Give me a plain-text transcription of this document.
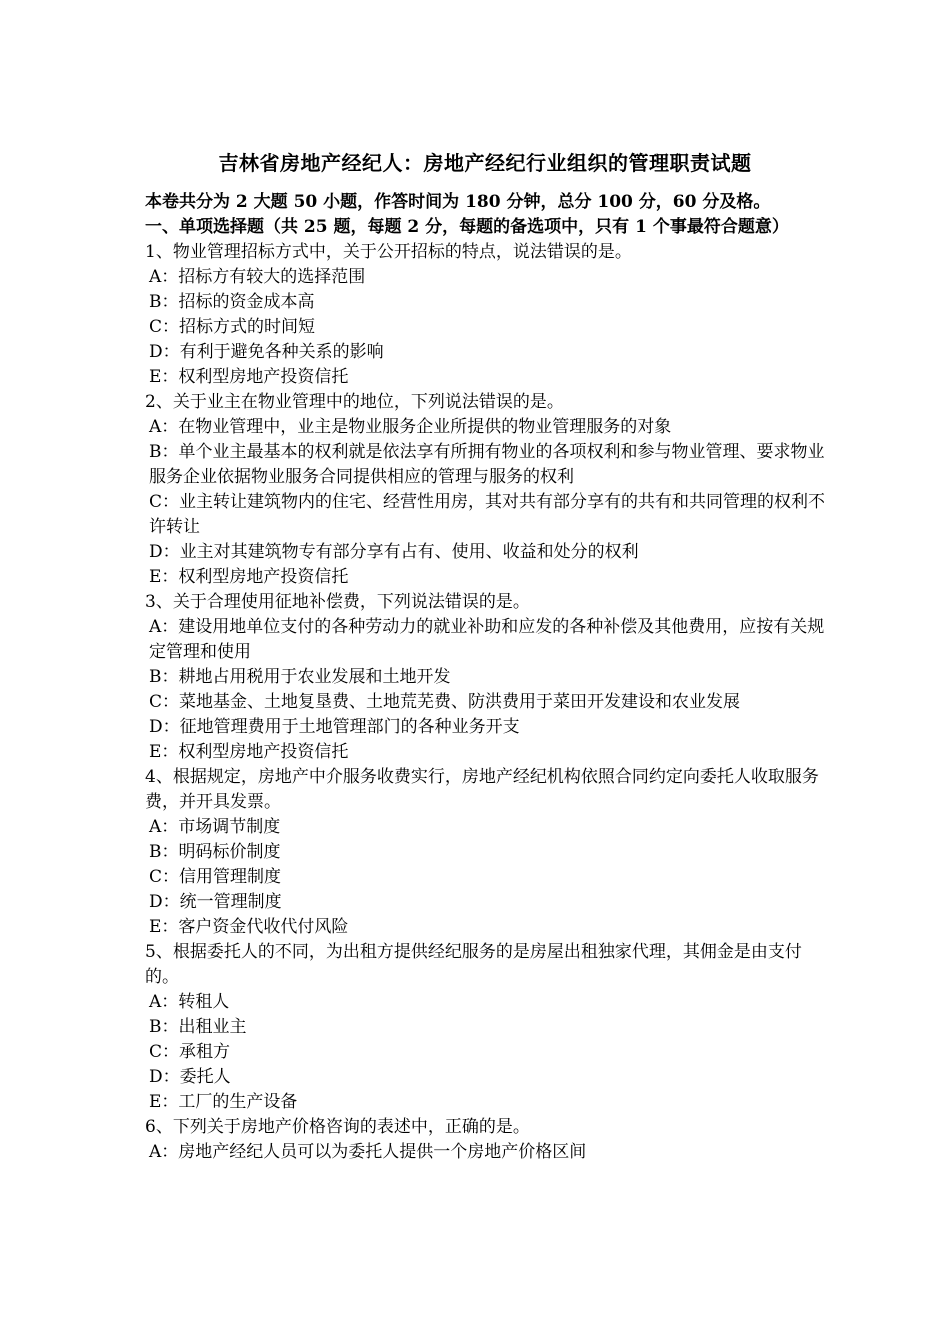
吉林省房地产经纪人：房地产经纪行业组织的管理职责试题
本卷共分为 2 大题 50 小题，作答时间为 180 分钟，总分 100 分，60 分及格。
一、单项选择题（共 25 题，每题 2 分，每题的备选项中，只有 1 个事最符合题意）
1、物业管理招标方式中，关于公开招标的特点，说法错误的是。
A：招标方有较大的选择范围
B：招标的资金成本高
C：招标方式的时间短
D：有利于避免各种关系的影响
E：权利型房地产投资信托
2、关于业主在物业管理中的地位，下列说法错误的是。
A：在物业管理中，业主是物业服务企业所提供的物业管理服务的对象
B：单个业主最基本的权利就是依法享有所拥有物业的各项权利和参与物业管理、要求物业服务企业依据物业服务合同提供相应的管理与服务的权利
C：业主转让建筑物内的住宅、经营性用房，其对共有部分享有的共有和共同管理的权利不许转让
D：业主对其建筑物专有部分享有占有、使用、收益和处分的权利
E：权利型房地产投资信托
3、关于合理使用征地补偿费，下列说法错误的是。
A：建设用地单位支付的各种劳动力的就业补助和应发的各种补偿及其他费用，应按有关规定管理和使用
B：耕地占用税用于农业发展和土地开发
C：菜地基金、土地复垦费、土地荒芜费、防洪费用于菜田开发建设和农业发展
D：征地管理费用于土地管理部门的各种业务开支
E：权利型房地产投资信托
4、根据规定，房地产中介服务收费实行，房地产经纪机构依照合同约定向委托人收取服务费，并开具发票。
A：市场调节制度
B：明码标价制度
C：信用管理制度
D：统一管理制度
E：客户资金代收代付风险
5、根据委托人的不同，为出租方提供经纪服务的是房屋出租独家代理，其佣金是由支付的。
A：转租人
B：出租业主
C：承租方
D：委托人
E：工厂的生产设备
6、下列关于房地产价格咨询的表述中，正确的是。
A：房地产经纪人员可以为委托人提供一个房地产价格区间
